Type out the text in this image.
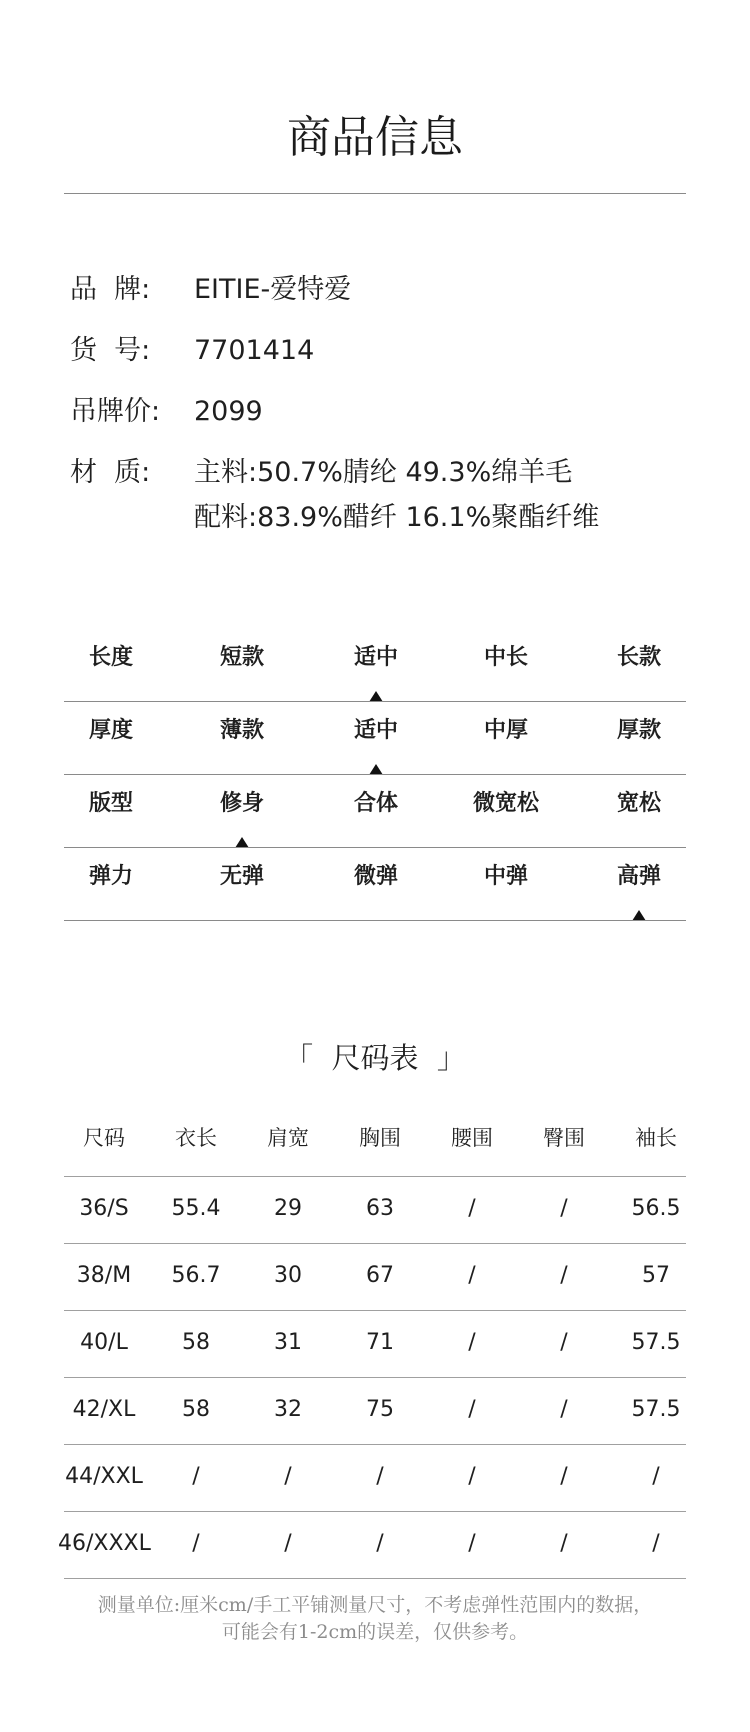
商品信息
品  牌: EITIE-爱特爱
货  号: 7701414
吊牌价: 2099
材  质: 主料:50.7%腈纶 49.3%绵羊毛
配料:83.9%醋纤 16.1%聚酯纤维
长度	短款	适中	中长	长款
厚度	薄款	适中	中厚	厚款
版型	修身	合体	微宽松	宽松
弹力	无弹	微弹	中弹	高弹
「  尺码表  」
尺码	衣长	肩宽	胸围	腰围	臀围	袖长
36/S	55.4	29	63	/	/	56.5
38/M	56.7	30	67	/	/	57
40/L	58	31	71	/	/	57.5
42/XL	58	32	75	/	/	57.5
44/XXL	/	/	/	/	/	/
46/XXXL	/	/	/	/	/	/
测量单位:厘米cm/手工平铺测量尺寸，不考虑弹性范围内的数据，
可能会有1-2cm的误差，仅供参考。
